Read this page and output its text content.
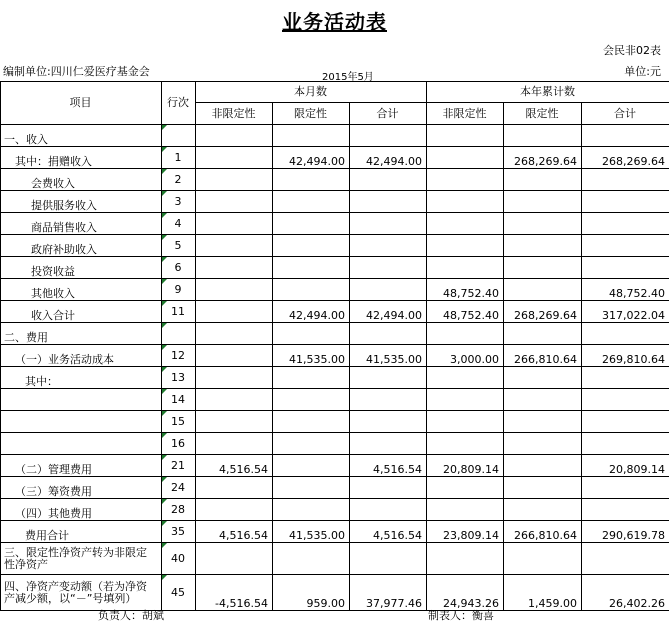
业务活动表
会民非02表
编制单位:四川仁爱医疗基金会	2015年5月	单位:元
项目	行次	本月数			本年累计数		
		非限定性	限定性	合计	非限定性	限定性	合计
一、收入							
其中：捐赠收入	1		42,494.00	42,494.00		268,269.64	268,269.64
会费收入	2						
提供服务收入	3						
商品销售收入	4						
政府补助收入	5						
投资收益	6						
其他收入	9				48,752.40		48,752.40
收入合计	11		42,494.00	42,494.00	48,752.40	268,269.64	317,022.04
二、费用							
（一）业务活动成本	12		41,535.00	41,535.00	3,000.00	266,810.64	269,810.64
其中：	13						
	14						
	15						
	16						
（二）管理费用	21	4,516.54		4,516.54	20,809.14		20,809.14
（三）筹资费用	24						
（四）其他费用	28						
费用合计	35	4,516.54	41,535.00	4,516.54	23,809.14	266,810.64	290,619.78
三、限定性净资产转为非限定性净资产	40						
四、净资产变动额（若为净资产减少额，以“－”号填列）	45	-4,516.54	959.00	37,977.46	24,943.26	1,459.00	26,402.26
负责人：胡斌	制表人：衡喜
